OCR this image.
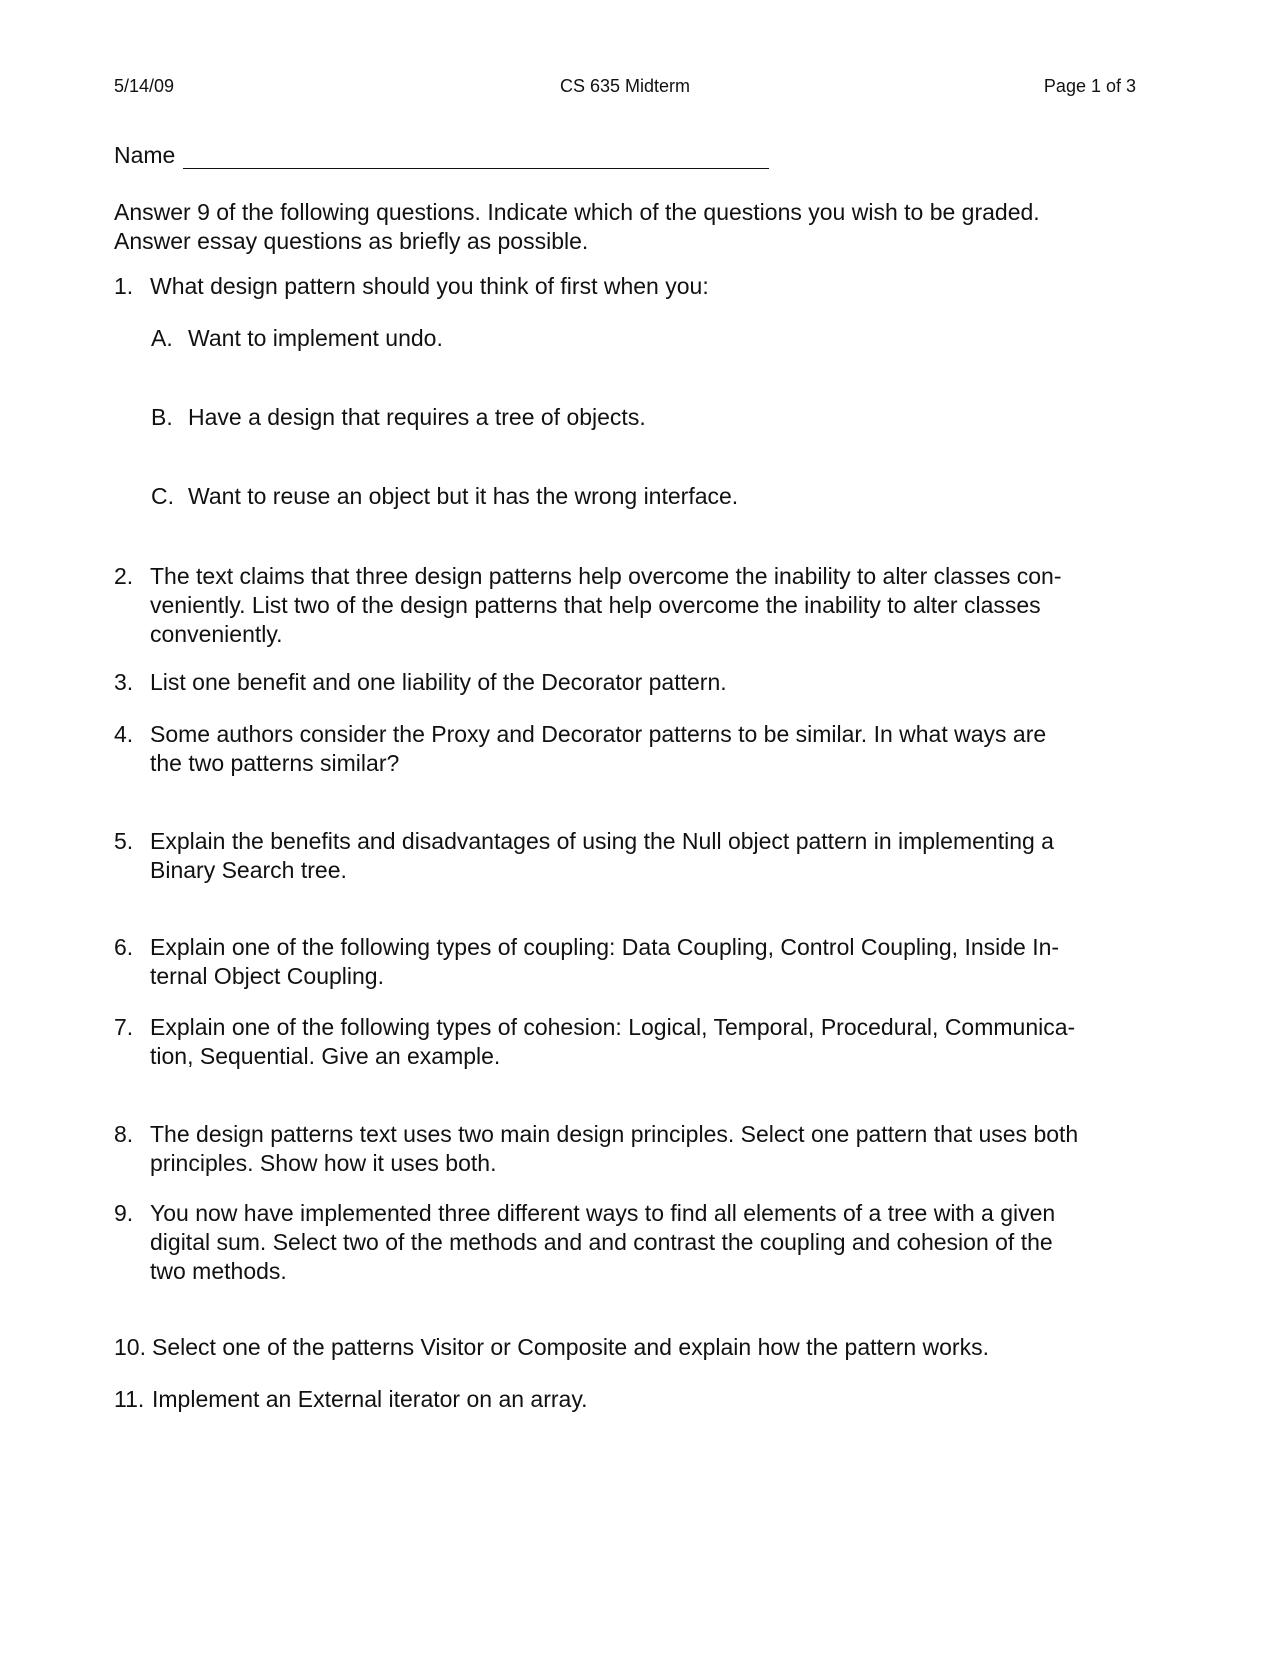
5/14/09	CS 635 Midterm	Page 1 of 3
Name
Answer 9 of the following questions. Indicate which of the questions you wish to be graded.
Answer essay questions as briefly as possible.
1. What design pattern should you think of first when you:
A. Want to implement undo.
B. Have a design that requires a tree of objects.
C. Want to reuse an object but it has the wrong interface.
2. The text claims that three design patterns help overcome the inability to alter classes con-
veniently. List two of the design patterns that help overcome the inability to alter classes
conveniently.
3. List one benefit and one liability of the Decorator pattern.
4. Some authors consider the Proxy and Decorator patterns to be similar. In what ways are
the two patterns similar?
5. Explain the benefits and disadvantages of using the Null object pattern in implementing a
Binary Search tree.
6. Explain one of the following types of coupling: Data Coupling, Control Coupling, Inside In-
ternal Object Coupling.
7. Explain one of the following types of cohesion: Logical, Temporal, Procedural, Communica-
tion, Sequential. Give an example.
8. The design patterns text uses two main design principles. Select one pattern that uses both
principles. Show how it uses both.
9. You now have implemented three different ways to find all elements of a tree with a given
digital sum. Select two of the methods and and contrast the coupling and cohesion of the
two methods.
10. Select one of the patterns Visitor or Composite and explain how the pattern works.
11. Implement an External iterator on an array.
